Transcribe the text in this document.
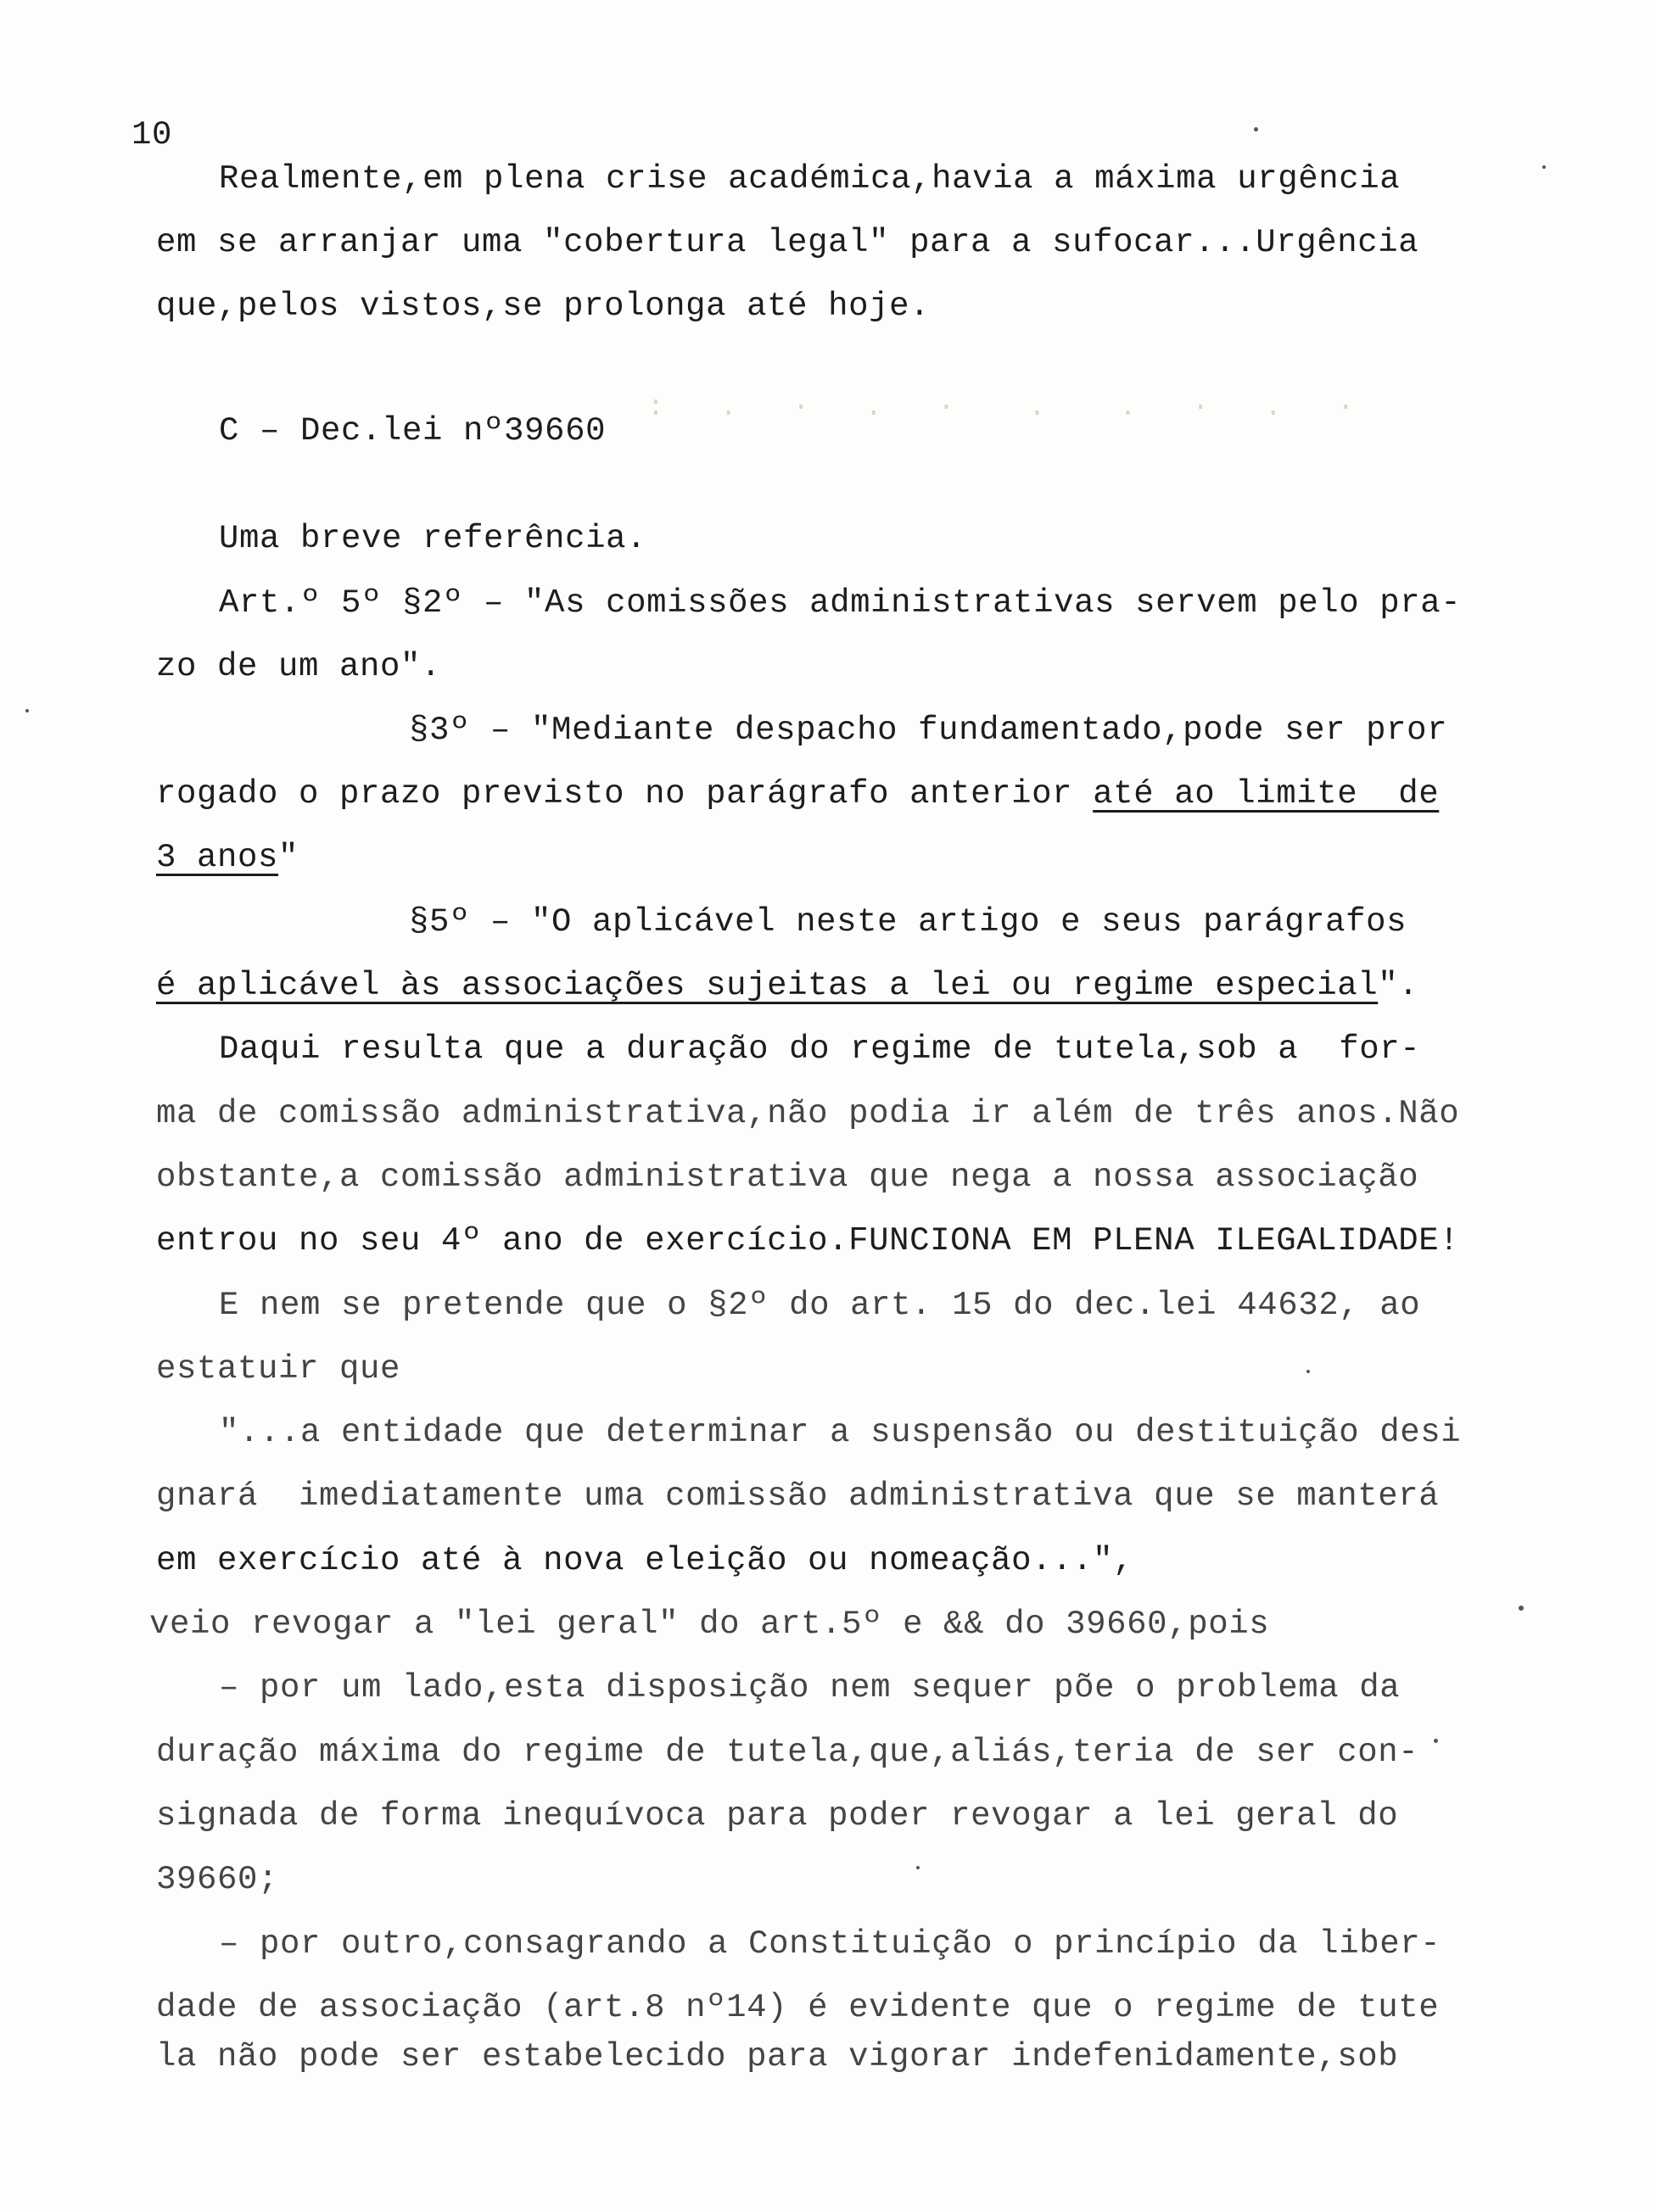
:   .   ·   .   ·    .    .   ·   .   ·
10
Realmente,em plena crise académica,havia a máxima urgência
em se arranjar uma "cobertura legal" para a sufocar...Urgência
que,pelos vistos,se prolonga até hoje.
C – Dec.lei nº39660
Uma breve referência.
Art.º 5º §2º – "As comissões administrativas servem pelo pra-
zo de um ano".
§3º – "Mediante despacho fundamentado,pode ser pror
rogado o prazo previsto no parágrafo anterior até ao limite  de
3 anos"
§5º – "O aplicável neste artigo e seus parágrafos
é aplicável às associações sujeitas a lei ou regime especial".
Daqui resulta que a duração do regime de tutela,sob a  for-
ma de comissão administrativa,não podia ir além de três anos.Não
obstante,a comissão administrativa que nega a nossa associação
entrou no seu 4º ano de exercício.FUNCIONA EM PLENA ILEGALIDADE!
E nem se pretende que o §2º do art. 15 do dec.lei 44632, ao
estatuir que
"...a entidade que determinar a suspensão ou destituição desi
gnará  imediatamente uma comissão administrativa que se manterá
em exercício até à nova eleição ou nomeação...",
veio revogar a "lei geral" do art.5º e && do 39660,pois
– por um lado,esta disposição nem sequer põe o problema da
duração máxima do regime de tutela,que,aliás,teria de ser con-
signada de forma inequívoca para poder revogar a lei geral do
39660;
– por outro,consagrando a Constituição o princípio da liber-
dade de associação (art.8 nº14) é evidente que o regime de tute
la não pode ser estabelecido para vigorar indefenidamente,sob
